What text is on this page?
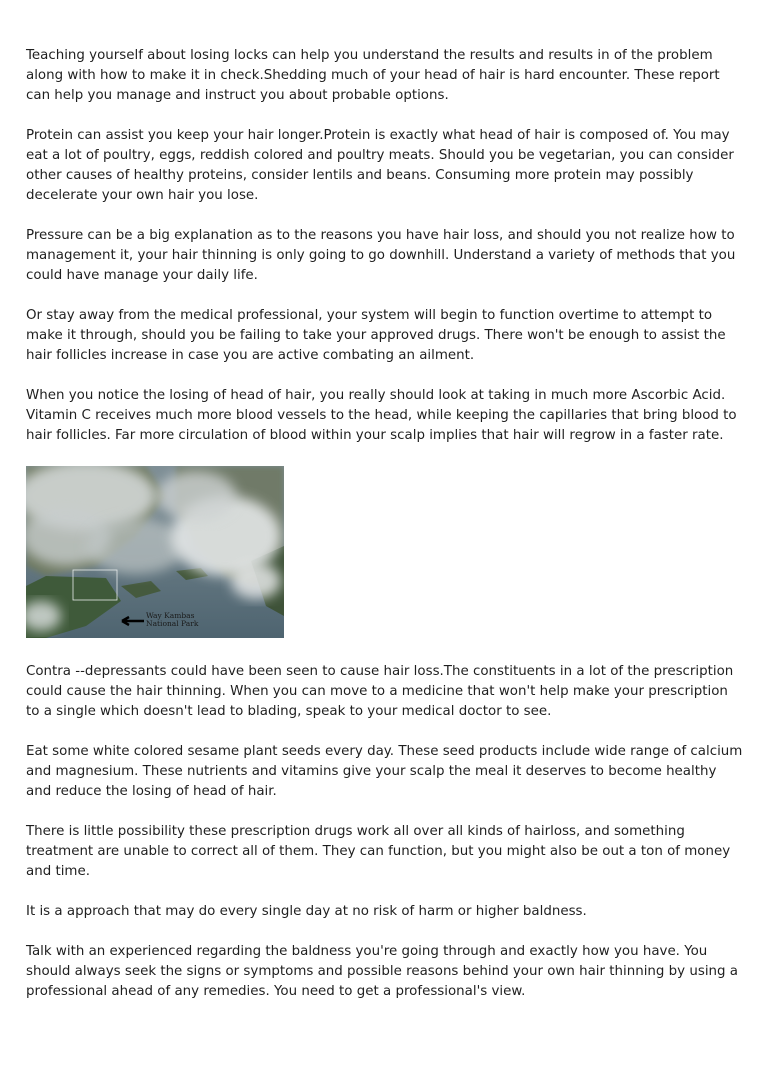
Teaching yourself about losing locks can help you understand the results and results in of the problem along with how to make it in check.Shedding much of your head of hair is hard encounter. These report can help you manage and instruct you about probable options.

Protein can assist you keep your hair longer.Protein is exactly what head of hair is composed of. You may eat a lot of poultry, eggs, reddish colored and poultry meats. Should you be vegetarian, you can consider other causes of healthy proteins, consider lentils and beans. Consuming more protein may possibly decelerate your own hair you lose.

Pressure can be a big explanation as to the reasons you have hair loss, and should you not realize how to management it, your hair thinning is only going to go downhill. Understand a variety of methods that you could have manage your daily life.

Or stay away from the medical professional, your system will begin to function overtime to attempt to make it through, should you be failing to take your approved drugs. There won't be enough to assist the hair follicles increase in case you are active combating an ailment.

When you notice the losing of head of hair, you really should look at taking in much more Ascorbic Acid. Vitamin C receives much more blood vessels to the head, while keeping the capillaries that bring blood to hair follicles. Far more circulation of blood within your scalp implies that hair will regrow in a faster rate.

Way Kambas
National Park

Contra --depressants could have been seen to cause hair loss.The constituents in a lot of the prescription could cause the hair thinning. When you can move to a medicine that won't help make your prescription to a single which doesn't lead to blading, speak to your medical doctor to see.

Eat some white colored sesame plant seeds every day. These seed products include wide range of calcium and magnesium. These nutrients and vitamins give your scalp the meal it deserves to become healthy and reduce the losing of head of hair.

There is little possibility these prescription drugs work all over all kinds of hairloss, and something treatment are unable to correct all of them. They can function, but you might also be out a ton of money and time.

It is a approach that may do every single day at no risk of harm or higher baldness.

Talk with an experienced regarding the baldness you're going through and exactly how you have. You should always seek the signs or symptoms and possible reasons behind your own hair thinning by using a professional ahead of any remedies. You need to get a professional's view.
